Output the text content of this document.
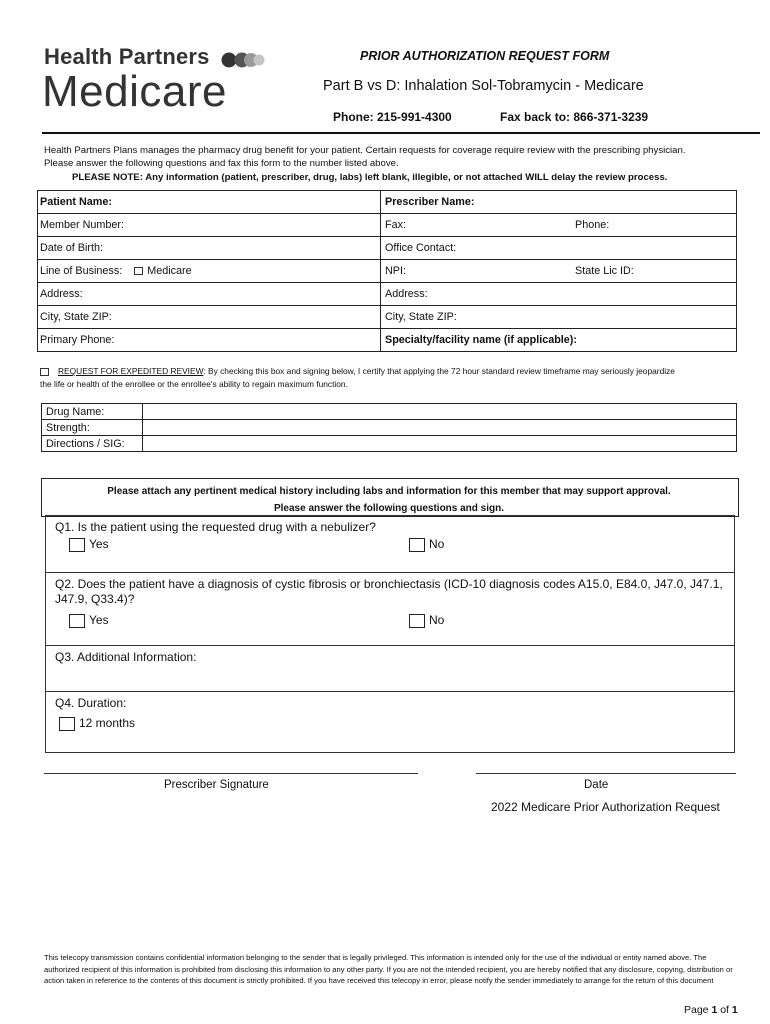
Health Partners
Medicare
PRIOR AUTHORIZATION REQUEST FORM
Part B vs D: Inhalation Sol-Tobramycin - Medicare
Phone: 215-991-4300	Fax back to: 866-371-3239
Health Partners Plans manages the pharmacy drug benefit for your patient. Certain requests for coverage require review with the prescribing physician.
Please answer the following questions and fax this form to the number listed above.
PLEASE NOTE: Any information (patient, prescriber, drug, labs) left blank, illegible, or not attached WILL delay the review process.
Patient Name:	Prescriber Name:	
Member Number:	Fax:	Phone:
Date of Birth:	Office Contact:	
Line of Business: Medicare	NPI:	State Lic ID:
Address:	Address:	
City, State ZIP:	City, State ZIP:	
Primary Phone:	Specialty/facility name (if applicable):	
REQUEST FOR EXPEDITED REVIEW: By checking this box and signing below, I certify that applying the 72 hour standard review timeframe may seriously jeopardize
the life or health of the enrollee or the enrollee's ability to regain maximum function.
Drug Name:	
Strength:	
Directions / SIG:	
Please attach any pertinent medical history including labs and information for this member that may support approval.
Please answer the following questions and sign.
Q1. Is the patient using the requested drug with a nebulizer?
Yes	No

Q2. Does the patient have a diagnosis of cystic fibrosis or bronchiectasis (ICD-10 diagnosis codes A15.0, E84.0, J47.0, J47.1, J47.9, Q33.4)?
Yes	No

Q3. Additional Information:

Q4. Duration:
12 months
Prescriber Signature	Date
2022 Medicare Prior Authorization Request
This telecopy transmission contains confidential information belonging to the sender that is legally privileged. This information is intended only for the use of the individual or entity named above. The authorized recipient of this information is prohibited from disclosing this information to any other party. If you are not the intended recipient, you are hereby notified that any disclosure, copying, distribution or action taken in reference to the contents of this document is strictly prohibited. If you have received this telecopy in error, please notify the sender immediately to arrange for the return of this document
Page 1 of 1
